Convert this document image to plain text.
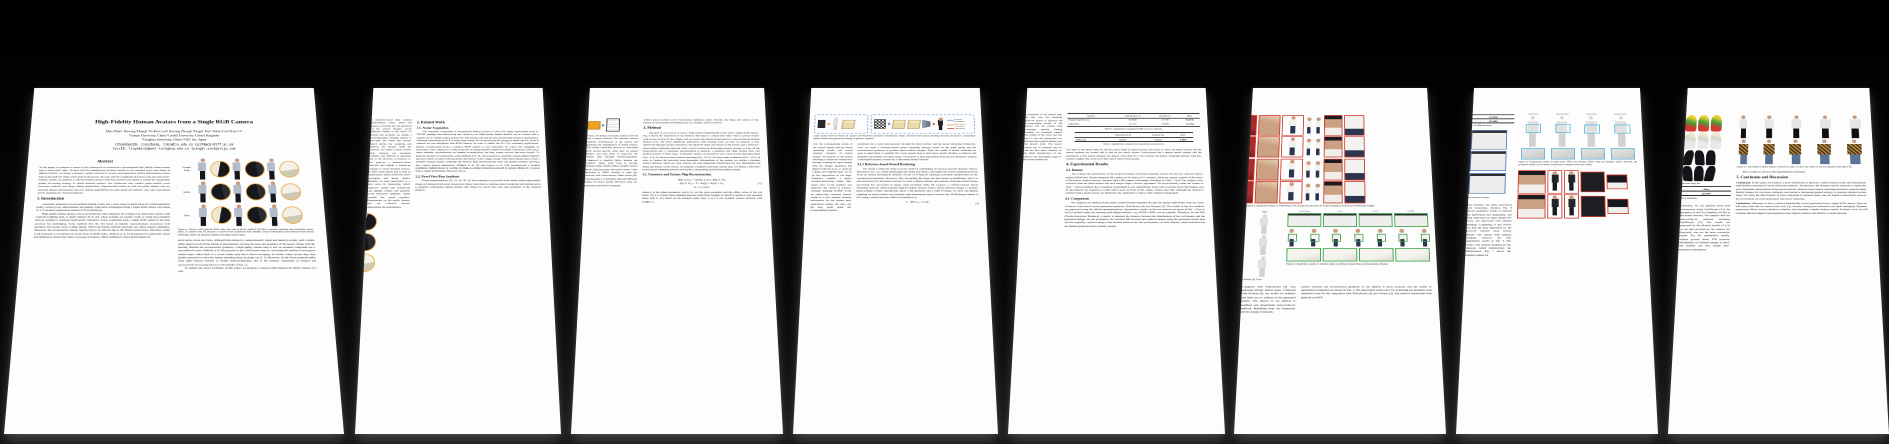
High-Fidelity Human Avatars from a Single RGB Camera
Hao Zhao¹ Jinsong Zhang¹ Yu-Kun Lai² Zerong Zheng³ Yingdi Xie⁴ Yebin Liu³ Kun Li¹
¹Tianjin University, China ²Cardiff University, United Kingdom
³Tsinghua University, China ⁴VRC Inc, Japan
{zhaohao120, jinszhang, lik}@tju.edu.cn LaiY4@cardiff.ac.uk
{zzr18, liuyebin}@mail.tsinghua.edu.cn {yingdi.xie}@vrcjp.com
Abstract
In this paper, we propose a coarse-to-fine framework to reconstruct a personalized high-fidelity human avatar from a monocular video. To deal with the misalignment problem caused by the changed poses and shapes in different frames, we design a dynamic surface network to recover pose-dependent surface deformations, which help to decouple the shape and texture of the person. To cope with the complexity of textures and generate photo-realistic results, we propose a reference-based neural rendering network and exploit a bottom-up sharpening-guided fine-tuning strategy to obtain detailed textures. Our framework also enables photo-realistic novel view/pose synthesis and shape editing applications. Experimental results on both the public dataset and our collected dataset demonstrate that our method outperforms the state-of-the-art methods. The code and dataset will be available for research purposes.
1. Introduction
Automatic generation of personalized human avatars has a wide range of applications in virtual/augmented reality, virtual try-on, entertainment and gaming. Especially technologies using a single RGB camera will enable To C (customer) applications instead of To B (business).
High-quality human models can be reconstructed with expensive 3D scanners [1], multi-view studios with controlled lighting [10], or depth cameras [6, 8, 47]. These systems are usually costly or using non-consumer devices, leading to restricted applications. Therefore, avatar acquisition from a single RGB camera is the most practical but challenging. Some methods [33, 36, 45] based on implicit representations reconstruct both geometry and texture from a single image, which can handle arbitrary topology but cannot support animation. Moreover, the reconstructed unseen regions tend to be smooth due to the limited observation. Therefore, many work proposed to reconstruct an avatar from an RGB video. Alldieck et al. [2-4] proposed to generalize visual hull methods to monocular videos of people in motion, which optimized a fixed displacement for
Ground
Truth
SOTA
Ours
Figure 1. Given a self-captured RGB video, the state-of-the-art method [2] fails to produce seamless and reasonable texture maps. To address this, we propose a coarse-to-fine framework with dynamic surface deformation and reference-based neural rendering, which can generate seamless and sharp texture maps.
each vertex across the video. Although this method is computationally cheap and memory-saving, such a single offset shared across all the frames is unreasonable, because the pose and geometry of the person change with the moving. Besides the reconstructed geometry, a high-quality texture map is also an essential component for a personalized avatar. Alldieck et al. [4] proposed to get a full texture map by calculating the median of unwrapped texture maps, which leads to a coarse texture map due to direct averaging. To obtain a sharp texture map, they further proposed to solve the texture stitching based on graph cut [2, 3]. However, all the above methods suffer from either blurred textures or texture artifacts/mistakes, due to the intrinsic complexity of textures and unreasonable processing (shown in the middle of Fig. 1).
To address the above problems, in this paper, we propose a coarse-to-fine framework which consists of a self-
a reference-based fully textured high-fidelity avatar where the person is moving and the geometry of the person changes across different frames of the video. To handle this problem, we design a pose-dependent dynamic surface to decouple the shape and texture, which guides the rendering and relieves the burden. With the network, we obtain a sharp texture map. Textures are extremely complex and difficult to represent due to the diversity of textures, so we propose a reference-based network and exploit a bottom-up strategy to obtain detailed textures. It fuses observations and is used as supervision, which avoids the direct averaging and keeps details. Besides, we map supervision to a new space by sharpening, which improves clarity. Our framework can animate avatars and generate novel view/pose synthesis, which benefits the whole pipeline. Experiments on the public dataset and our collected dataset demonstrate the performance.
2. Related Work
2.1. Avatar Acquisition
The automatic acquisition of personalized human avatars is critical for many applications such as VR/AR, gaming, teleconferencing and virtual try-on. High-quality human models can be created with a scanner [1] or a multi-camera system [37, 38], but the cost and the size prevent their practical applications. Although some methods [8, 47] obtain high-quality 3D reconstruction by relying on depth sensors, RGB-D cameras are less ubiquitous than RGB cameras. In order to enable the To C (to customer) applications, human reconstruction from a common RGB camera is very important. To reduce the ambiguity in monocular cases, Zheng et al. [46] proposed an image-guided volume-to-volume translation CNN and a dense semantic representation for human reconstruction, but they cannot recover fine-scale details. To generate detailed reconstruction, some methods [33, 36, 45] proposed to establish a pixel-aligned implicit function which can infer both geometry and texture from a single image. They learn human priors from a synthetic human dataset. Although the implicit field representations used can handle arbitrary topology, they cannot support animations. Alldieck et al. [5] and Lazova et al. [18] reconstructed a detailed parametric human model by solving an image-to-image translation problem to regress offsets in UV-space from a single RGB image. However, the re-
2.2. Novel View/Pose Synthesis
Neural representations [22, 24, 26, 39, 41] have emerged as powerful tools which render high-quality images of humans from novel viewpoints. Many work tried to combine neural rendering with human priors to generate controllable human images and videos for novel view and pose synthesis of the captured subjects.
avatar, we design a dynamic surface network and a neural renderer. The dynamic surface captures deformations of the person and generates the initialization of neural texture. The neural rendering network is fine-tuned with several epochs. After that, we render images and take them to supervise the texture map through back-propagation. Compared to implicit fields, meshes are compact. Many work tried to recover humans using a multi-camera system. Neural Body [29] proposed structured latent codes anchored to SMPL vertices to infer the network with observations. Other works [28, 34] proposed a consistency between different frames for better results. However, they are expensive and hard to maintain.
achieve photo-realistic novel view/motion synthesis results. Besides, the shape and texture of the person are disentangled benefiting from our dynamic surface network.
3. Method
The goal of our work is to create a fully textured high-fidelity avatar from a single RGB camera. Fig. 2 shows the framework of our method. The input is a monocular video where a person rotates with A-pose in front of the camera, and we extract the human foreground by a state-of-the-art matting method [15]. The most significant differences with existing work are that we propose a self-supervised dynamic surface network to decouple the shape and texture of the person, and a reference-based neural rendering network with a novel bottom-up sharpening-guided strategy to fuse all the observations into a consistent representation to generate a seamless and sharp texture map. Our method consists of three steps: 1) dynamic surface reconstruction and coarse texture map generation (Sec. 3.1); 2) reference-based neural rendering (Sec. 3.2.1); 3) texture map refinement (Sec. 3.2.2). In order to capture the non-rigid pose-dependent deformations of the person, we design a dynamic surface function, which not only captures the pose-dependent deformation but also disentangles the shape and texture of the person. To generate a seamless and sharp texture map, we design a reference-based neural rendering network and exploit a sharpening-guided fine-tuning strategy.
3.1. Geometry and Texture Map Reconstruction
M(β, θ, D₀) = W(T(β, θ, D₀), J(β), θ, W),
T(β, θ, D₀) = T̄ + Bₛ(β) + Bₚ(θ) + D₀,
D₀ = f_ω(θ₀),
(1)
where β is the shape parameter, and θ, D₀ are the pose parameter and the offset vector of the i-th frame. W(·) is a linear blend skinning function with blend weights W which is applied to the morphed shape T(β, θ, D₀) based on the skeleton joints J(β). f_ω(·) is our dynamic surface network with weights ω.
Forward Propagation
Data Copy in Generation
Supervision
namic surface network which can capture pose-dependent geometric deformations. Right: reference-based neural rendering network and exploit a sharpening-guided texture map generation strategy to generate seamless
low the corresponding pixels of the warped image with the neural rendering results and neural renderer channels of neural texture. We propose to use neural rendering to refine the texture map through warping the input images with the images generated and aligned with the pose, to generate a sharp and complete map. To set up the supervision in the high-frequency domain, a sparse gradient-preserving image filter keeps areas of the gradient and improves the clarity of textures. Unsharp masking (USM) works by subtracting Gaussian blurred results to a new domain, keeping information by the texture map supervision results. We carry out the map again using the corresponding position.
servations into a joint representation through the neural texture and the neural rendering framework. First, we learn a reference-based neural rendering network based on the input image and the reconstructed geometry to produce photo-realistic images. Then, the results of neural rendering are used as supervision to optimize the coarse texture map to have more details. Besides, to improve the sharpness and fidelity of texture maps, we propose to map supervision from the low-frequency domain to the high-frequency domain by a sharpening kernel function.
3.2.1 Reference-based Neural Rendering
We obtain a relatively shape-accurate mesh by establishing an instance-specific dynamic surface function in Sec. 3.1, which disentangles the shape and texture, and makes the neural rendering network focus on texture information. Besides, we get a UV-map by adopting barycentric interpolation on the reconstructed geometry. However, only decoupling the shape and the texture is insufficient, and it is still non-trivial for the neural network to learn complex textures and patterns. Reference-based image processing has succeeded in image super-resolution [43]. We propose a reference-based neural rendering network, which transfers high-resolution textures from a given reference image, to produce photo-realistic results. Specifically, given a 3D geometry and a valid UV-map, we carry out bilinear sampling on neural texture and translate high-dimensional neural textures into RGB images similar to [41] using a neural network which is formulated as:
I = R(T, Iₛₘ, I_ref),	(2)
coordinates of the texture map. In this way, the rendering network learns to generate the corresponding details of the person and the texture map converges quickly. During training, we randomly sample the frames of the video and use the L1 loss and perceptual loss between the rendered images and the ground truth. The neural texture has 16 channels and we take the first three channels as the RGB initialization of the map for the fine-tuning stage of the whole framework.
Dataset	VideoAvatar [4]	Octopus [2]	Ours
People-Snapshot [4]	39.5940	27.7767	26.4135
SelfieVideo	23.7101	16.3087	15.1284
Table 1. Quantitative comparison (FID ↓) on two datasets.
	VideoAvatar [4]	Octopus [2]	Ours
MVE (cm)	5.8103	6.5244	4.4547
Table 2. Quantitative comparison of geometry reconstruction.
ture map as the initial value for the first three layers of neural texture and freeze it. Then, the neural texture and the neural renderer are trained end to end on the whole dataset. Each person has a unique neural texture, and the parameters of the neural renderer are shared. Note that, for a new person, the neural rendering network with pre-trained weights only needs to be fine-tuned with several epochs.
4. Experimental Results
4.1. Dataset
We evaluate the performance of the proposed method on People-Snapshot dataset [4] and our collected dataset named SelfieVideo. People-Snapshot [4] consists of 24 videos of 11 subjects, while our dataset consists of 80 videos of 80 diverse clothed persons, captured with a HD-camera with image resolution of 2160 × 1216. The subjects were collected from the talent market and each subject signs a license agreement. We proportionally resize the frames to 1024 × 1024 resolution due to memory requirement in our experiments. Each video contains about 300 frames, and all the subjects are required to rotate with A-pose in front of the camera. Please note that, although the dataset is captured with a green screen, our method is also applicable to videos with ordinary backgrounds.
4.2. Comparison
We compare our method on the public dataset People-Snapshot [4] and our dataset SelfieVideo with two state-of-the-art video-based avatar generation methods, VideoAvatar [4] and Octopus [2]. The results of the two methods are generated using the official implementations. Quantitative results on the two datasets are given in Tab 1. Due to lack of ground truths, the existing pixel-aligned metrics, e.g., PSNR, LPIPS, are not suitable. Therefore, we use FID (Fréchet Inception Distance), a metric to measure the distance between the distributions of the real images and the generated images, for our evaluation. We calculate FID between the rendered images using the generated texture map and the originally captured images. Our method achieves the best performance on both datasets, which indicates that our method generates more realistic results.
Figure 4. Qualitative results of VideoAvatar [4], Octopus [2] and ours on People-Snapshot [4] (left) and SelfieVideo (right).
Ours
oAvatar [4], Octo-
Input Image	Local	N-noS	N-USM
Figure 6. Qualitative results of ablation study on different supervision and sharpening schemes.
Compared with VideoAvatar [4], ours generates sharper texture maps. Compared with Octopus [2], our results are seamless and there are no artifacts in the generated texture. The texture of our method is seamless and outperforms state-of-the-art methods. Benefiting from our framework and the design of dynamic
surface network, the reconstructed geometry of our method is more accurate, and the results of quantitative evaluation are shown in Tab. 2. We adopt mean vertex error for evaluating the geometry with registered scans for the comparison with VideoAvatar [4] and Octopus [2]. Our method outperforms both methods on MVE.
N-USM
15.1284
y on different super-
on reference branch
ing Schemes. We study supervision and sharpening schemes. Fig. 6 shows qualitative results of ablation on supervision and sharpening. The map supervised by input images (N-noS), and supervised with unsharp masking. Comparing S and N-noS, we find the map supervised by the network contains more texture details. The texture with unsharp masking achieves the best quantitative results in Tab. 3. The results with unsharp masking are the sharpest, which demonstrates the effectiveness. Fig. 7 shows the training scheme for
Static Offset	Dynamic Offset	Static Offset	Dynamic Offset
Figure 8. Comparison results of using static offset and dynamic offset. With the dynamic surface network, the geometric details can be better reconstructed compared with static offset.
persons using the
Ours
28.1964
view synthesis.
Therefore, we can generate novel pose rasterization using StylePeople [11]; the geometry is used for sampling and fed to the neural network. We compare with the state-of-the-art methods including StylePeople [11]. The results are generated by the released models of [11] on our data provided by the authors. As illustrated, ours are the most reasonable results. For the quantitative results, without ground truths, FID between distributions of rendered images is used. Our method can also enable free-viewpoint rasterization.
Figure 11. The results of shape editing. From left to right, we show the results of person changing from thin to fat.
More results are given in the supplementary materials.
5. Conclusion and Discussion
Conclusion. In this paper, we propose a novel framework to generate a fully-textured avatar and demonstrate high-fidelity rendering for novel view/pose synthesis. We introduce the dynamic surface network to capture the pose-dependent deformations of the person and the reference-based neural rendering network to generate high-fidelity images for view/pose synthesis, and exploit a sharpening-guided strategy to generate detailed texture maps. We study the effectiveness of each component in ablation study, and our method outperforms state-of-the-art methods on avatar generation and neural rendering.
Limitations. Although we have achieved high-fidelity avatar generation from a single RGB camera, there are still some cases that we cannot solve well, e.g., dresses, wrong pose estimation and depth ambiguity. Dynamic appearance effects, such as shadows, wrinkles, and extremely complex textures remain. In future work, we will combine efficient implicit representations, like implicit surfaces and NeRFs, to break through.
